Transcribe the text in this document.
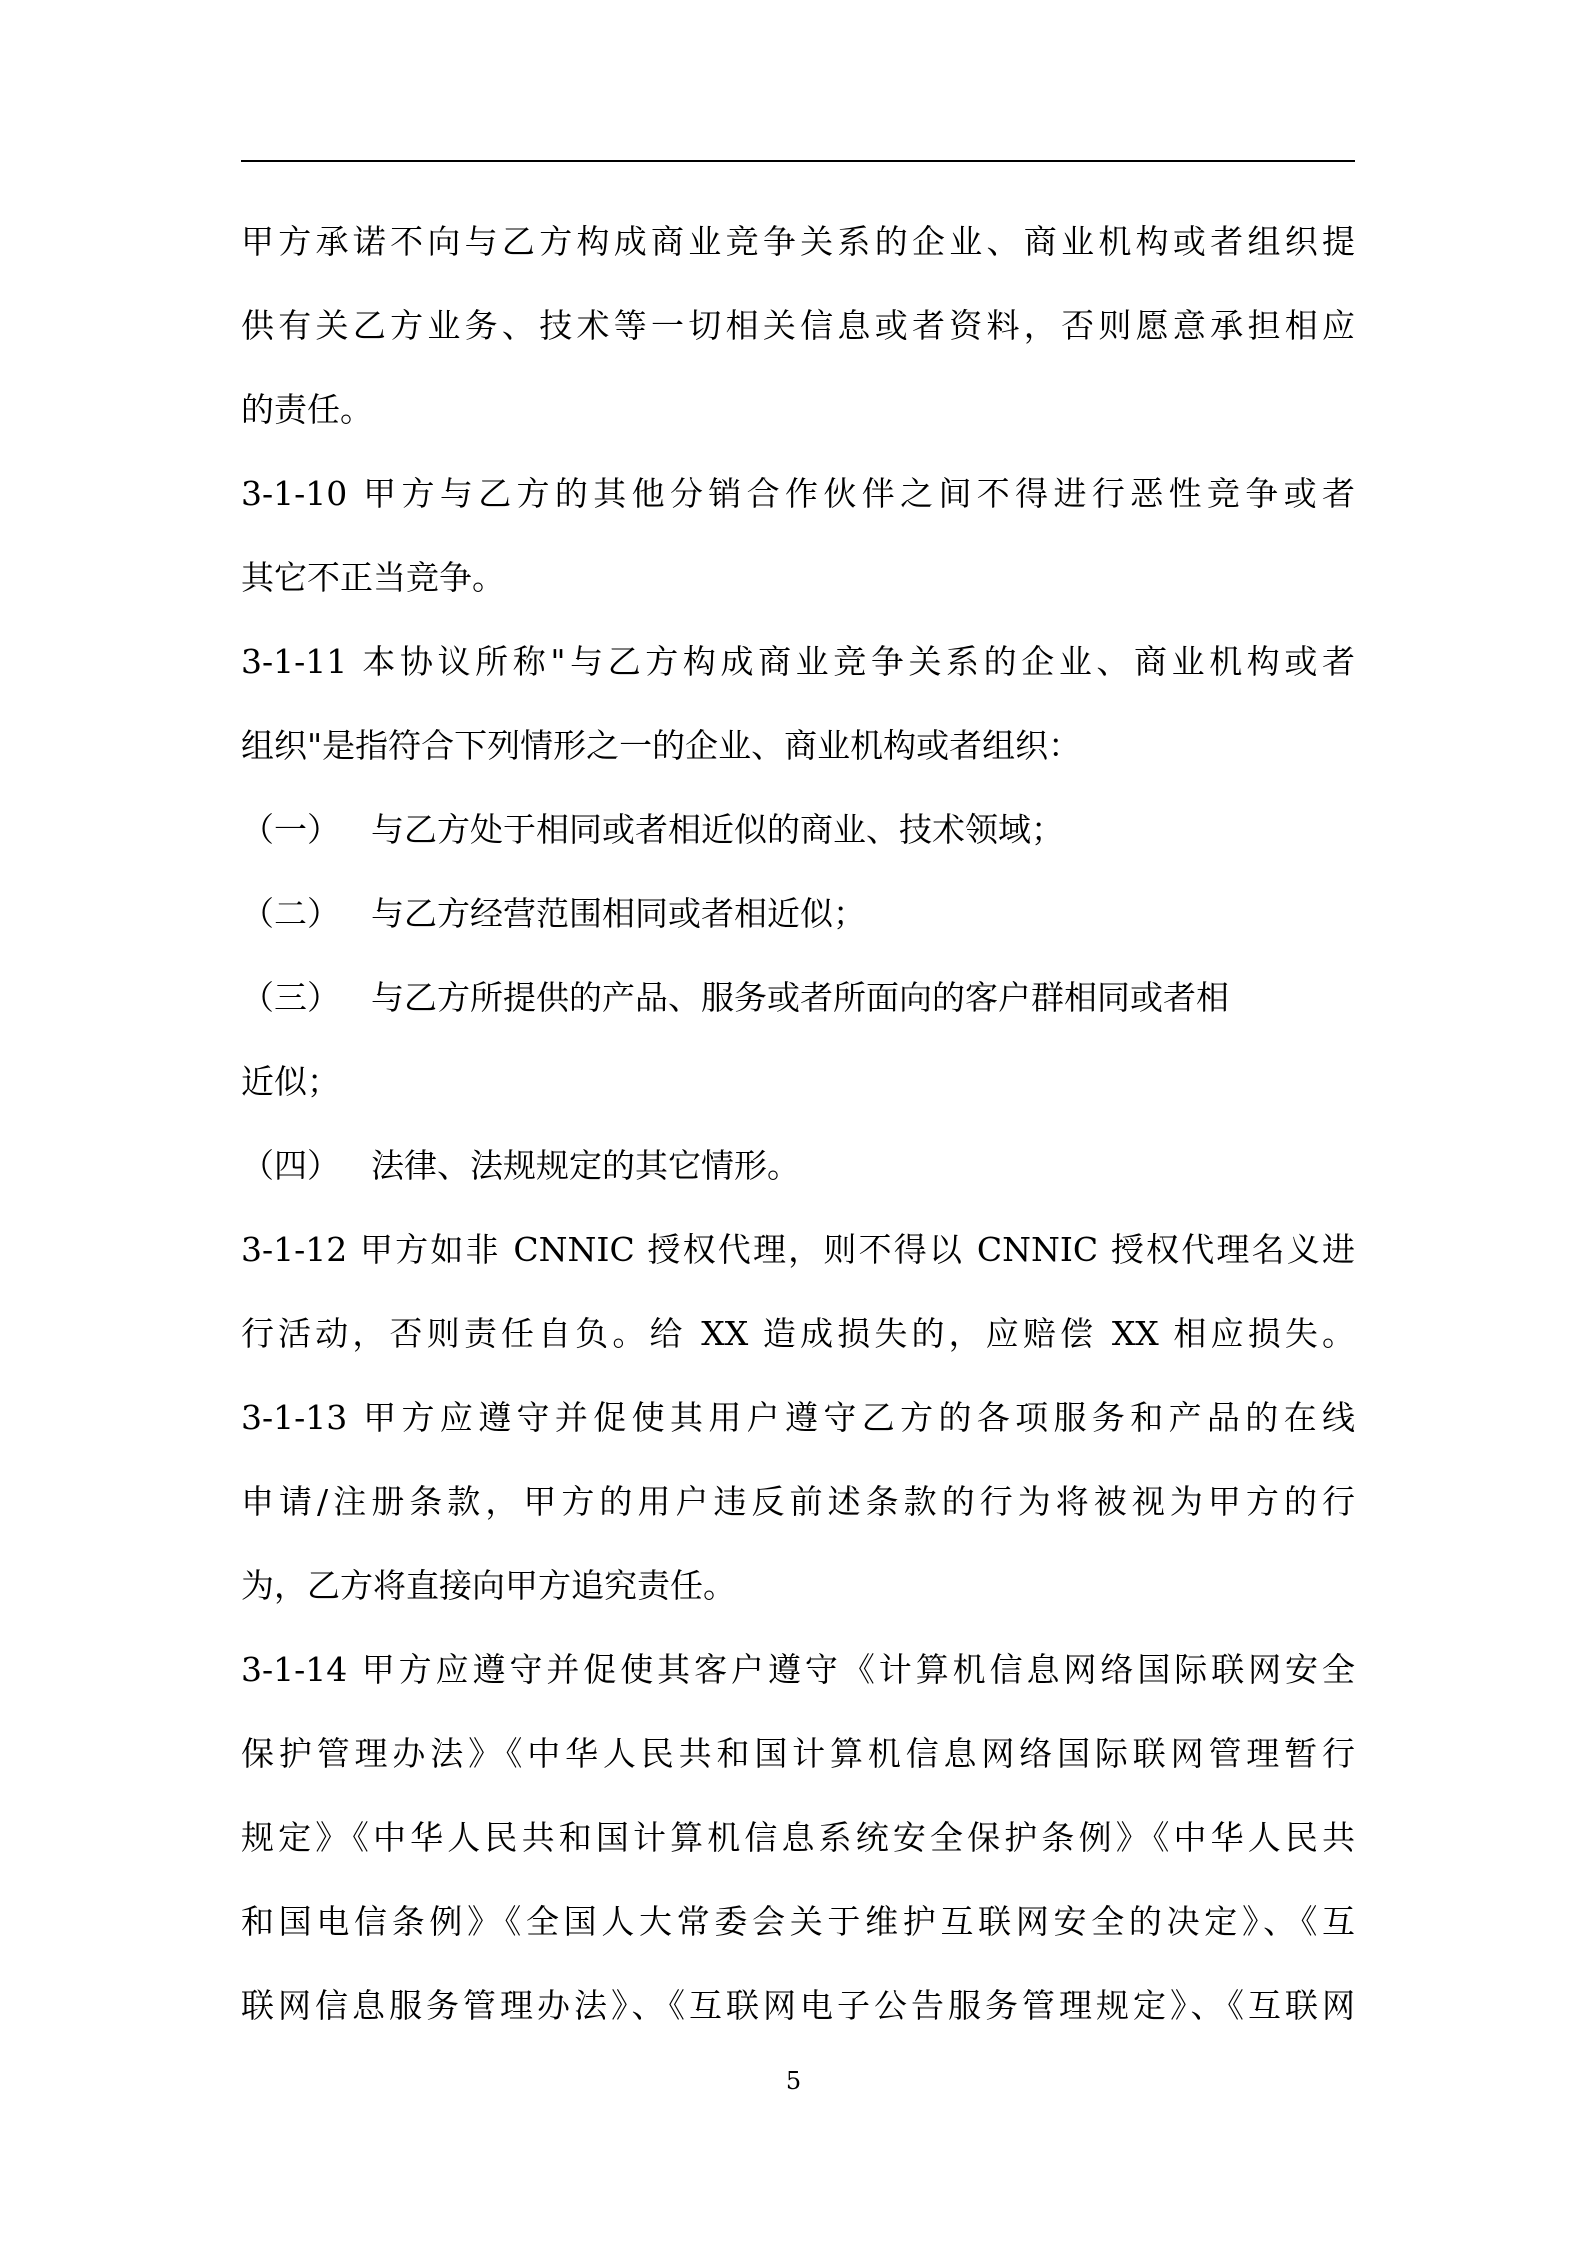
甲方承诺不向与乙方构成商业竞争关系的企业、商业机构或者组织提
供有关乙方业务、技术等一切相关信息或者资料，否则愿意承担相应
的责任。
3-1-10 甲方与乙方的其他分销合作伙伴之间不得进行恶性竞争或者
其它不正当竞争。
3-1-11 本协议所称"与乙方构成商业竞争关系的企业、商业机构或者
组织"是指符合下列情形之一的企业、商业机构或者组织：
（一） 与乙方处于相同或者相近似的商业、技术领域；
（二） 与乙方经营范围相同或者相近似；
（三） 与乙方所提供的产品、服务或者所面向的客户群相同或者相
近似；
（四） 法律、法规规定的其它情形。
3-1-12 甲方如非 CNNIC 授权代理，则不得以 CNNIC 授权代理名义进
行活动，否则责任自负。给 XX 造成损失的，应赔偿 XX 相应损失。
3-1-13 甲方应遵守并促使其用户遵守乙方的各项服务和产品的在线
申请/注册条款，甲方的用户违反前述条款的行为将被视为甲方的行
为，乙方将直接向甲方追究责任。
3-1-14 甲方应遵守并促使其客户遵守《计算机信息网络国际联网安全
保护管理办法》《中华人民共和国计算机信息网络国际联网管理暂行
规定》《中华人民共和国计算机信息系统安全保护条例》《中华人民共
和国电信条例》《全国人大常委会关于维护互联网安全的决定》、《互
联网信息服务管理办法》、《互联网电子公告服务管理规定》、《互联网
5
